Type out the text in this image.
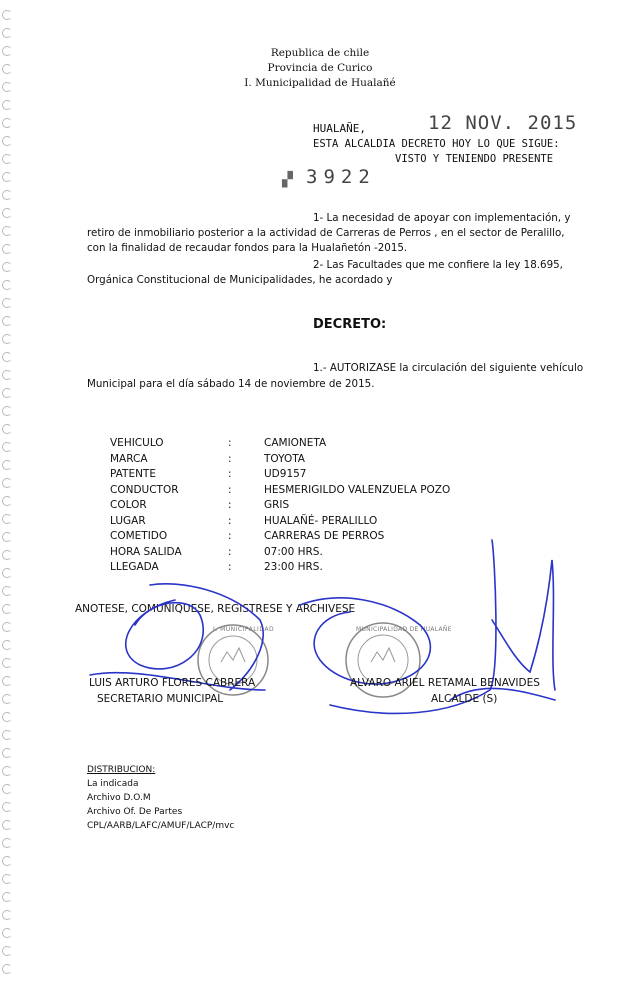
Republica de chile
Provincia de Curico
I. Municipalidad de Hualañé
HUALAÑE,	12 NOV. 2015
ESTA ALCALDIA DECRETO HOY LO QUE SIGUE:
VISTO Y TENIENDO PRESENTE
▞ 3922
1- La necesidad de apoyar con implementación, y
retiro de inmobiliario posterior a la actividad de Carreras de Perros , en el sector de Peralillo,
con la finalidad de recaudar fondos para la Hualañetón -2015.
2- Las Facultades que me confiere la ley 18.695,
Orgánica Constitucional de Municipalidades, he acordado y
DECRETO:
1.- AUTORIZASE la circulación del siguiente vehículo
Municipal para el día sábado 14 de noviembre de 2015.
VEHICULO	:	CAMIONETA
MARCA	:	TOYOTA
PATENTE	:	UD9157
CONDUCTOR	:	HESMERIGILDO VALENZUELA POZO
COLOR	:	GRIS
LUGAR	:	HUALAÑÉ- PERALILLO
COMETIDO	:	CARRERAS DE PERROS
HORA SALIDA	:	07:00 HRS.
LLEGADA	:	23:00 HRS.
ANOTESE, COMUNIQUESE, REGISTRESE Y ARCHIVESE
I. MUNICIPALIDAD	MUNICIPALIDAD DE HUALAÑE
LUIS ARTURO FLORES CABRERA
SECRETARIO MUNICIPAL
ALVARO ARIEL RETAMAL BENAVIDES
ALCALDE (S)
DISTRIBUCION:
La indicada
Archivo D.O.M
Archivo Of. De Partes
CPL/AARB/LAFC/AMUF/LACP/mvc
